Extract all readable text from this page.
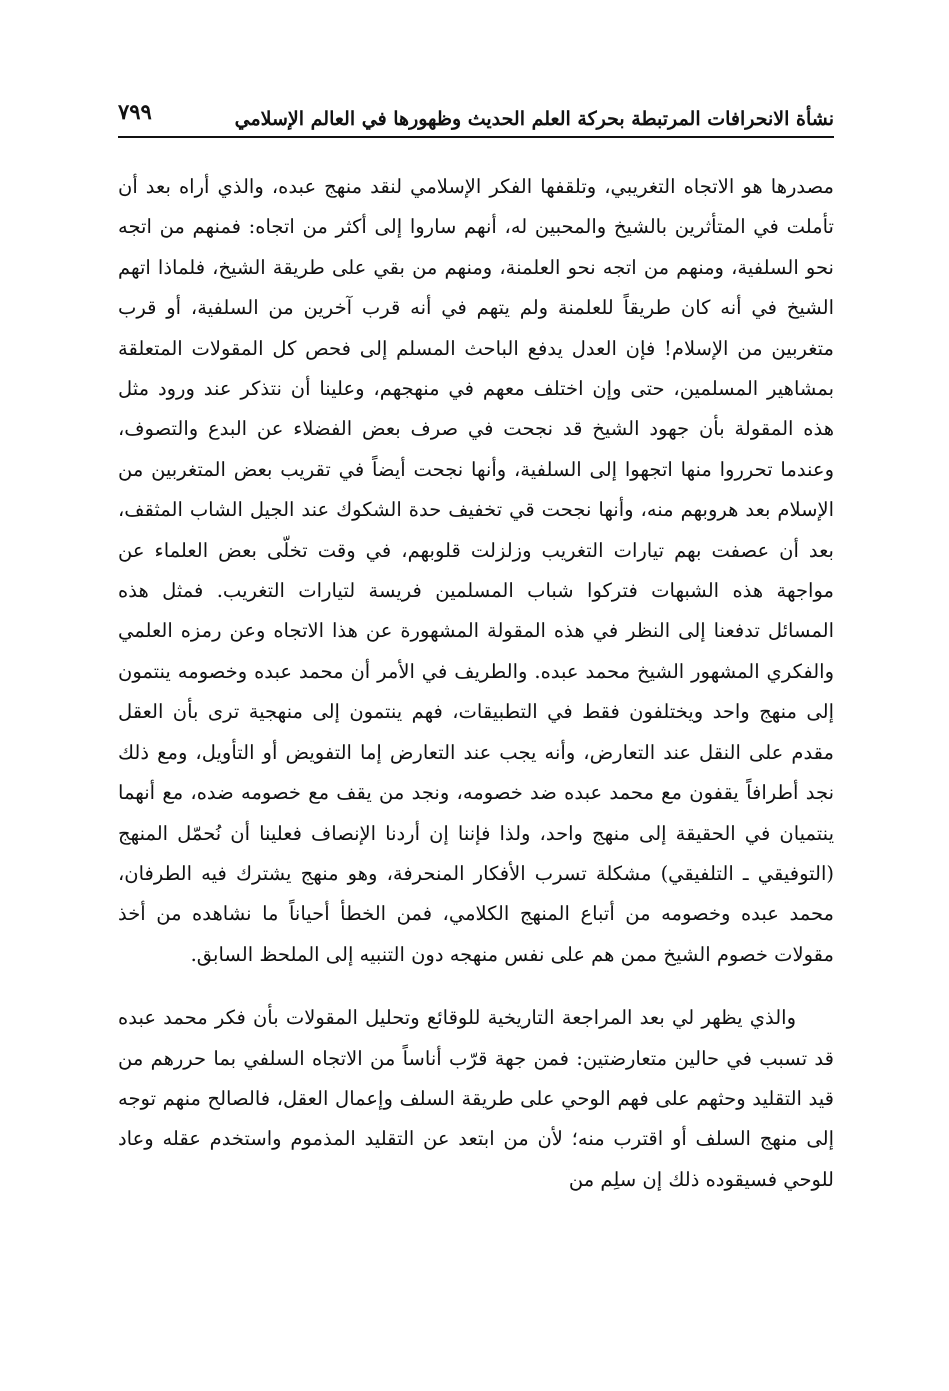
نشأة الانحرافات المرتبطة بحركة العلم الحديث وظهورها في العالم الإسلامي
٧٩٩

مصدرها هو الاتجاه التغريبي، وتلقفها الفكر الإسلامي لنقد منهج عبده، والذي أراه بعد أن تأملت في المتأثرين بالشيخ والمحبين له، أنهم ساروا إلى أكثر من اتجاه: فمنهم من اتجه نحو السلفية، ومنهم من اتجه نحو العلمنة، ومنهم من بقي على طريقة الشيخ، فلماذا اتهم الشيخ في أنه كان طريقاً للعلمنة ولم يتهم في أنه قرب آخرين من السلفية، أو قرب متغربين من الإسلام! فإن العدل يدفع الباحث المسلم إلى فحص كل المقولات المتعلقة بمشاهير المسلمين، حتى وإن اختلف معهم في منهجهم، وعلينا أن نتذكر عند ورود مثل هذه المقولة بأن جهود الشيخ قد نجحت في صرف بعض الفضلاء عن البدع والتصوف، وعندما تحرروا منها اتجهوا إلى السلفية، وأنها نجحت أيضاً في تقريب بعض المتغربين من الإسلام بعد هروبهم منه، وأنها نجحت قي تخفيف حدة الشكوك عند الجيل الشاب المثقف، بعد أن عصفت بهم تيارات التغريب وزلزلت قلوبهم، في وقت تخلّى بعض العلماء عن مواجهة هذه الشبهات فتركوا شباب المسلمين فريسة لتيارات التغريب. فمثل هذه المسائل تدفعنا إلى النظر في هذه المقولة المشهورة عن هذا الاتجاه وعن رمزه العلمي والفكري المشهور الشيخ محمد عبده. والطريف في الأمر أن محمد عبده وخصومه ينتمون إلى منهج واحد ويختلفون فقط في التطبيقات، فهم ينتمون إلى منهجية ترى بأن العقل مقدم على النقل عند التعارض، وأنه يجب عند التعارض إما التفويض أو التأويل، ومع ذلك نجد أطرافاً يقفون مع محمد عبده ضد خصومه، ونجد من يقف مع خصومه ضده، مع أنهما ينتميان في الحقيقة إلى منهج واحد، ولذا فإننا إن أردنا الإنصاف فعلينا أن نُحمّل المنهج (التوفيقي ـ التلفيقي) مشكلة تسرب الأفكار المنحرفة، وهو منهج يشترك فيه الطرفان، محمد عبده وخصومه من أتباع المنهج الكلامي، فمن الخطأ أحياناً ما نشاهده من أخذ مقولات خصوم الشيخ ممن هم على نفس منهجه دون التنبيه إلى الملحظ السابق.

والذي يظهر لي بعد المراجعة التاريخية للوقائع وتحليل المقولات بأن فكر محمد عبده قد تسبب في حالين متعارضتين: فمن جهة قرّب أناساً من الاتجاه السلفي بما حررهم من قيد التقليد وحثهم على فهم الوحي على طريقة السلف وإعمال العقل، فالصالح منهم توجه إلى منهج السلف أو اقترب منه؛ لأن من ابتعد عن التقليد المذموم واستخدم عقله وعاد للوحي فسيقوده ذلك إن سلِم من
